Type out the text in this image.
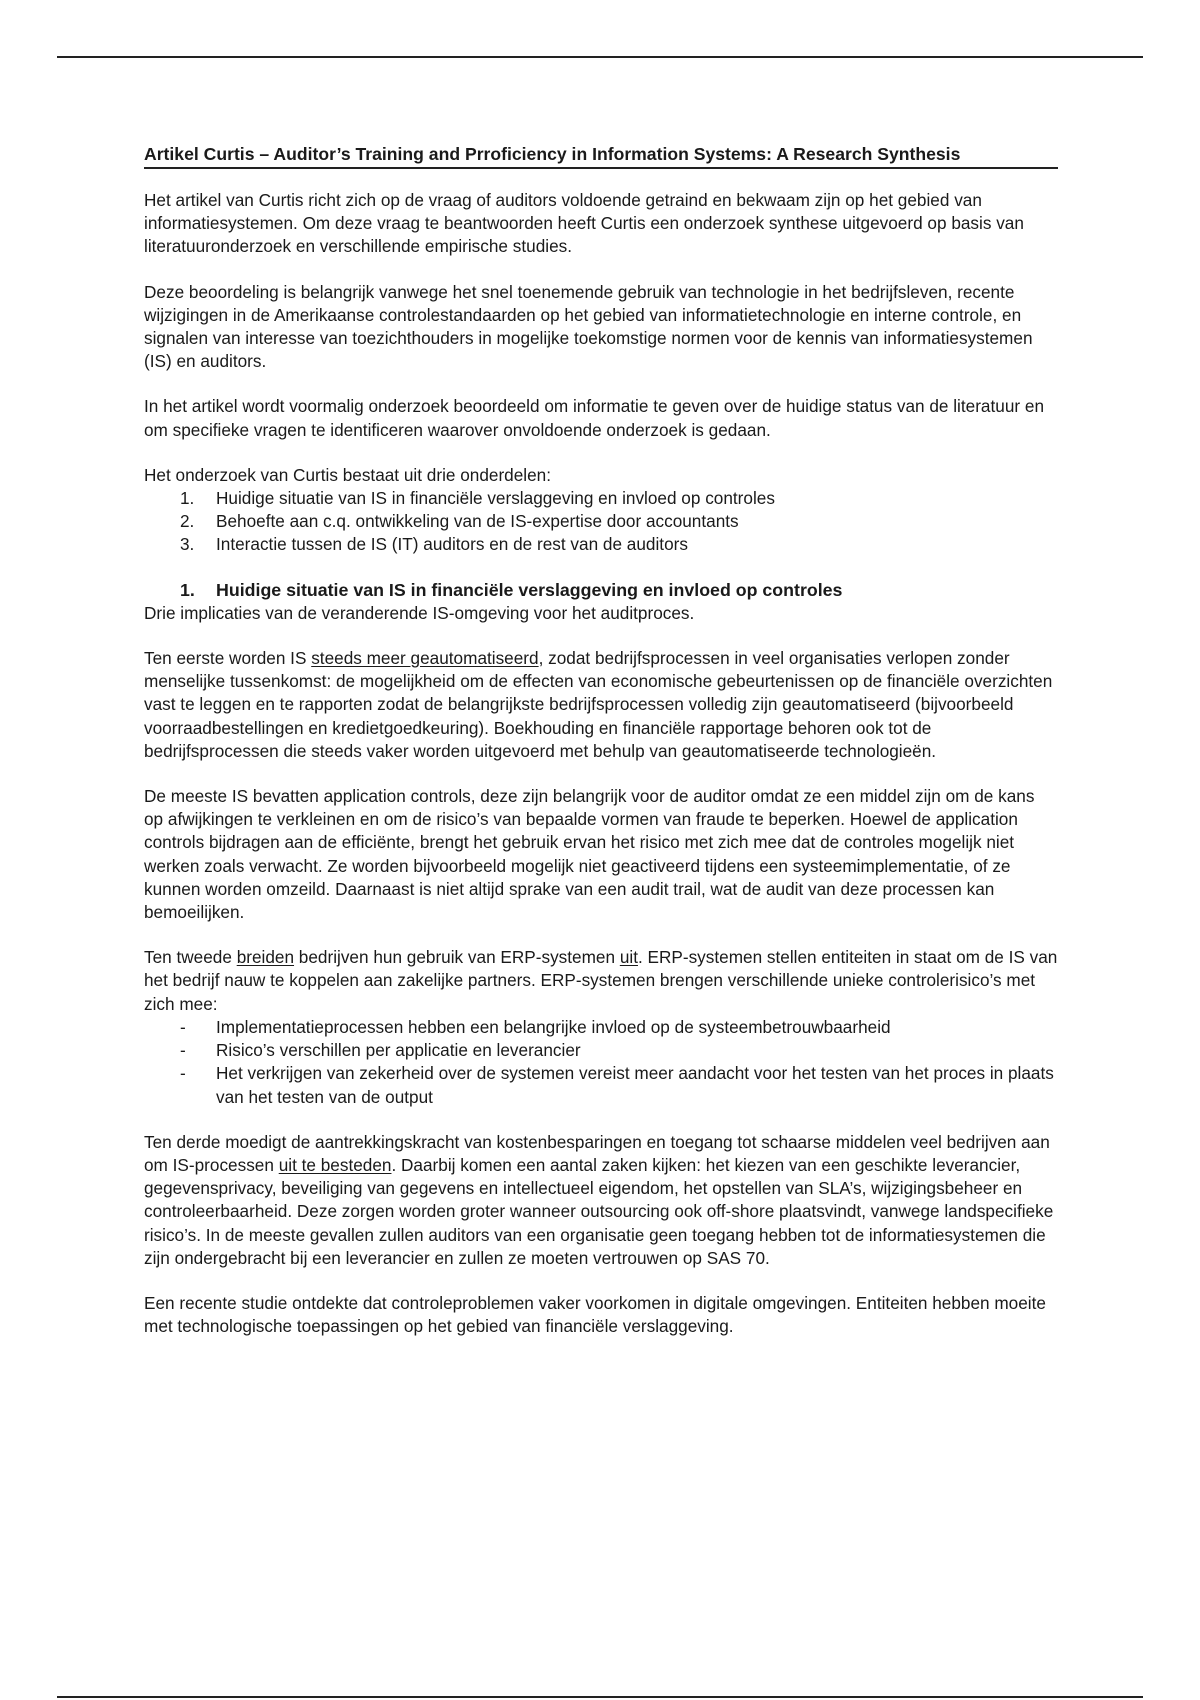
Artikel Curtis – Auditor’s Training and Prroficiency in Information Systems: A Research Synthesis

Het artikel van Curtis richt zich op de vraag of auditors voldoende getraind en bekwaam zijn op het gebied van informatiesystemen. Om deze vraag te beantwoorden heeft Curtis een onderzoek synthese uitgevoerd op basis van literatuuronderzoek en verschillende empirische studies.

Deze beoordeling is belangrijk vanwege het snel toenemende gebruik van technologie in het bedrijfsleven, recente wijzigingen in de Amerikaanse controlestandaarden op het gebied van informatietechnologie en interne controle, en signalen van interesse van toezichthouders in mogelijke toekomstige normen voor de kennis van informatiesystemen (IS) en auditors.

In het artikel wordt voormalig onderzoek beoordeeld om informatie te geven over de huidige status van de literatuur en om specifieke vragen te identificeren waarover onvoldoende onderzoek is gedaan.

Het onderzoek van Curtis bestaat uit drie onderdelen:

1.	Huidige situatie van IS in financiële verslaggeving en invloed op controles
2.	Behoefte aan c.q. ontwikkeling van de IS-expertise door accountants
3.	Interactie tussen de IS (IT) auditors en de rest van de auditors
1.	Huidige situatie van IS in financiële verslaggeving en invloed op controles

Drie implicaties van de veranderende IS-omgeving voor het auditproces.

Ten eerste worden IS steeds meer geautomatiseerd, zodat bedrijfsprocessen in veel organisaties verlopen zonder menselijke tussenkomst: de mogelijkheid om de effecten van economische gebeurtenissen op de financiële overzichten vast te leggen en te rapporten zodat de belangrijkste bedrijfsprocessen volledig zijn geautomatiseerd (bijvoorbeeld voorraadbestellingen en kredietgoedkeuring). Boekhouding en financiële rapportage behoren ook tot de bedrijfsprocessen die steeds vaker worden uitgevoerd met behulp van geautomatiseerde technologieën.

De meeste IS bevatten application controls, deze zijn belangrijk voor de auditor omdat ze een middel zijn om de kans op afwijkingen te verkleinen en om de risico’s van bepaalde vormen van fraude te beperken. Hoewel de application controls bijdragen aan de efficiënte, brengt het gebruik ervan het risico met zich mee dat de controles mogelijk niet werken zoals verwacht. Ze worden bijvoorbeeld mogelijk niet geactiveerd tijdens een systeemimplementatie, of ze kunnen worden omzeild. Daarnaast is niet altijd sprake van een audit trail, wat de audit van deze processen kan bemoeilijken.

Ten tweede breiden bedrijven hun gebruik van ERP-systemen uit. ERP-systemen stellen entiteiten in staat om de IS van het bedrijf nauw te koppelen aan zakelijke partners. ERP-systemen brengen verschillende unieke controlerisico’s met zich mee:

-	Implementatieprocessen hebben een belangrijke invloed op de systeembetrouwbaarheid
-	Risico’s verschillen per applicatie en leverancier
-	Het verkrijgen van zekerheid over de systemen vereist meer aandacht voor het testen van het proces in plaats van het testen van de output

Ten derde moedigt de aantrekkingskracht van kostenbesparingen en toegang tot schaarse middelen veel bedrijven aan om IS-processen uit te besteden. Daarbij komen een aantal zaken kijken: het kiezen van een geschikte leverancier, gegevensprivacy, beveiliging van gegevens en intellectueel eigendom, het opstellen van SLA’s, wijzigingsbeheer en controleerbaarheid. Deze zorgen worden groter wanneer outsourcing ook off-shore plaatsvindt, vanwege landspecifieke risico’s. In de meeste gevallen zullen auditors van een organisatie geen toegang hebben tot de informatiesystemen die zijn ondergebracht bij een leverancier en zullen ze moeten vertrouwen op SAS 70.

Een recente studie ontdekte dat controleproblemen vaker voorkomen in digitale omgevingen. Entiteiten hebben moeite met technologische toepassingen op het gebied van financiële verslaggeving.
